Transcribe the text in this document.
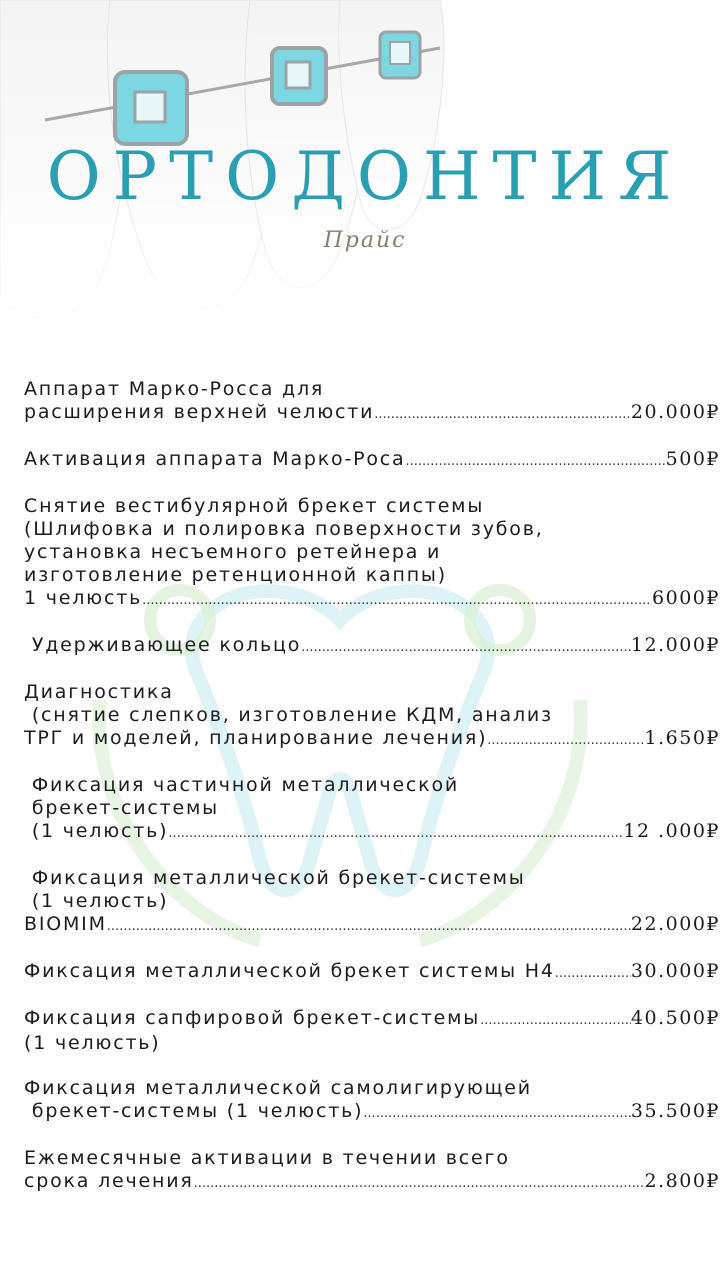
ОРТОДОНТИЯ
Прайс
Аппарат Марко-Росса для
расширения верхней челюсти .....	20.000₽
Активация аппарата Марко-Роса .....	500₽
Снятие вестибулярной брекет системы
(Шлифовка и полировка поверхности зубов,
установка несъемного ретейнера и
изготовление ретенционной каппы)
1 челюсть .....	6000₽
Удерживающее кольцо .....	12.000₽
Диагностика
(снятие слепков, изготовление КДМ, анализ
ТРГ и моделей, планирование лечения) .....	1.650₽
Фиксация частичной металлической
брекет-системы
(1 челюсть) .....	12 .000₽
Фиксация металлической брекет-системы
(1 челюсть)
BIOMIM .....	22.000₽
Фиксация металлической брекет системы H4 .....	30.000₽
Фиксация сапфировой брекет-системы .....	40.500₽
(1 челюсть)
Фиксация металлической самолигирующей
брекет-системы (1 челюсть) .....	35.500₽
Ежемесячные активации в течении всего
срока лечения .....	2.800₽
